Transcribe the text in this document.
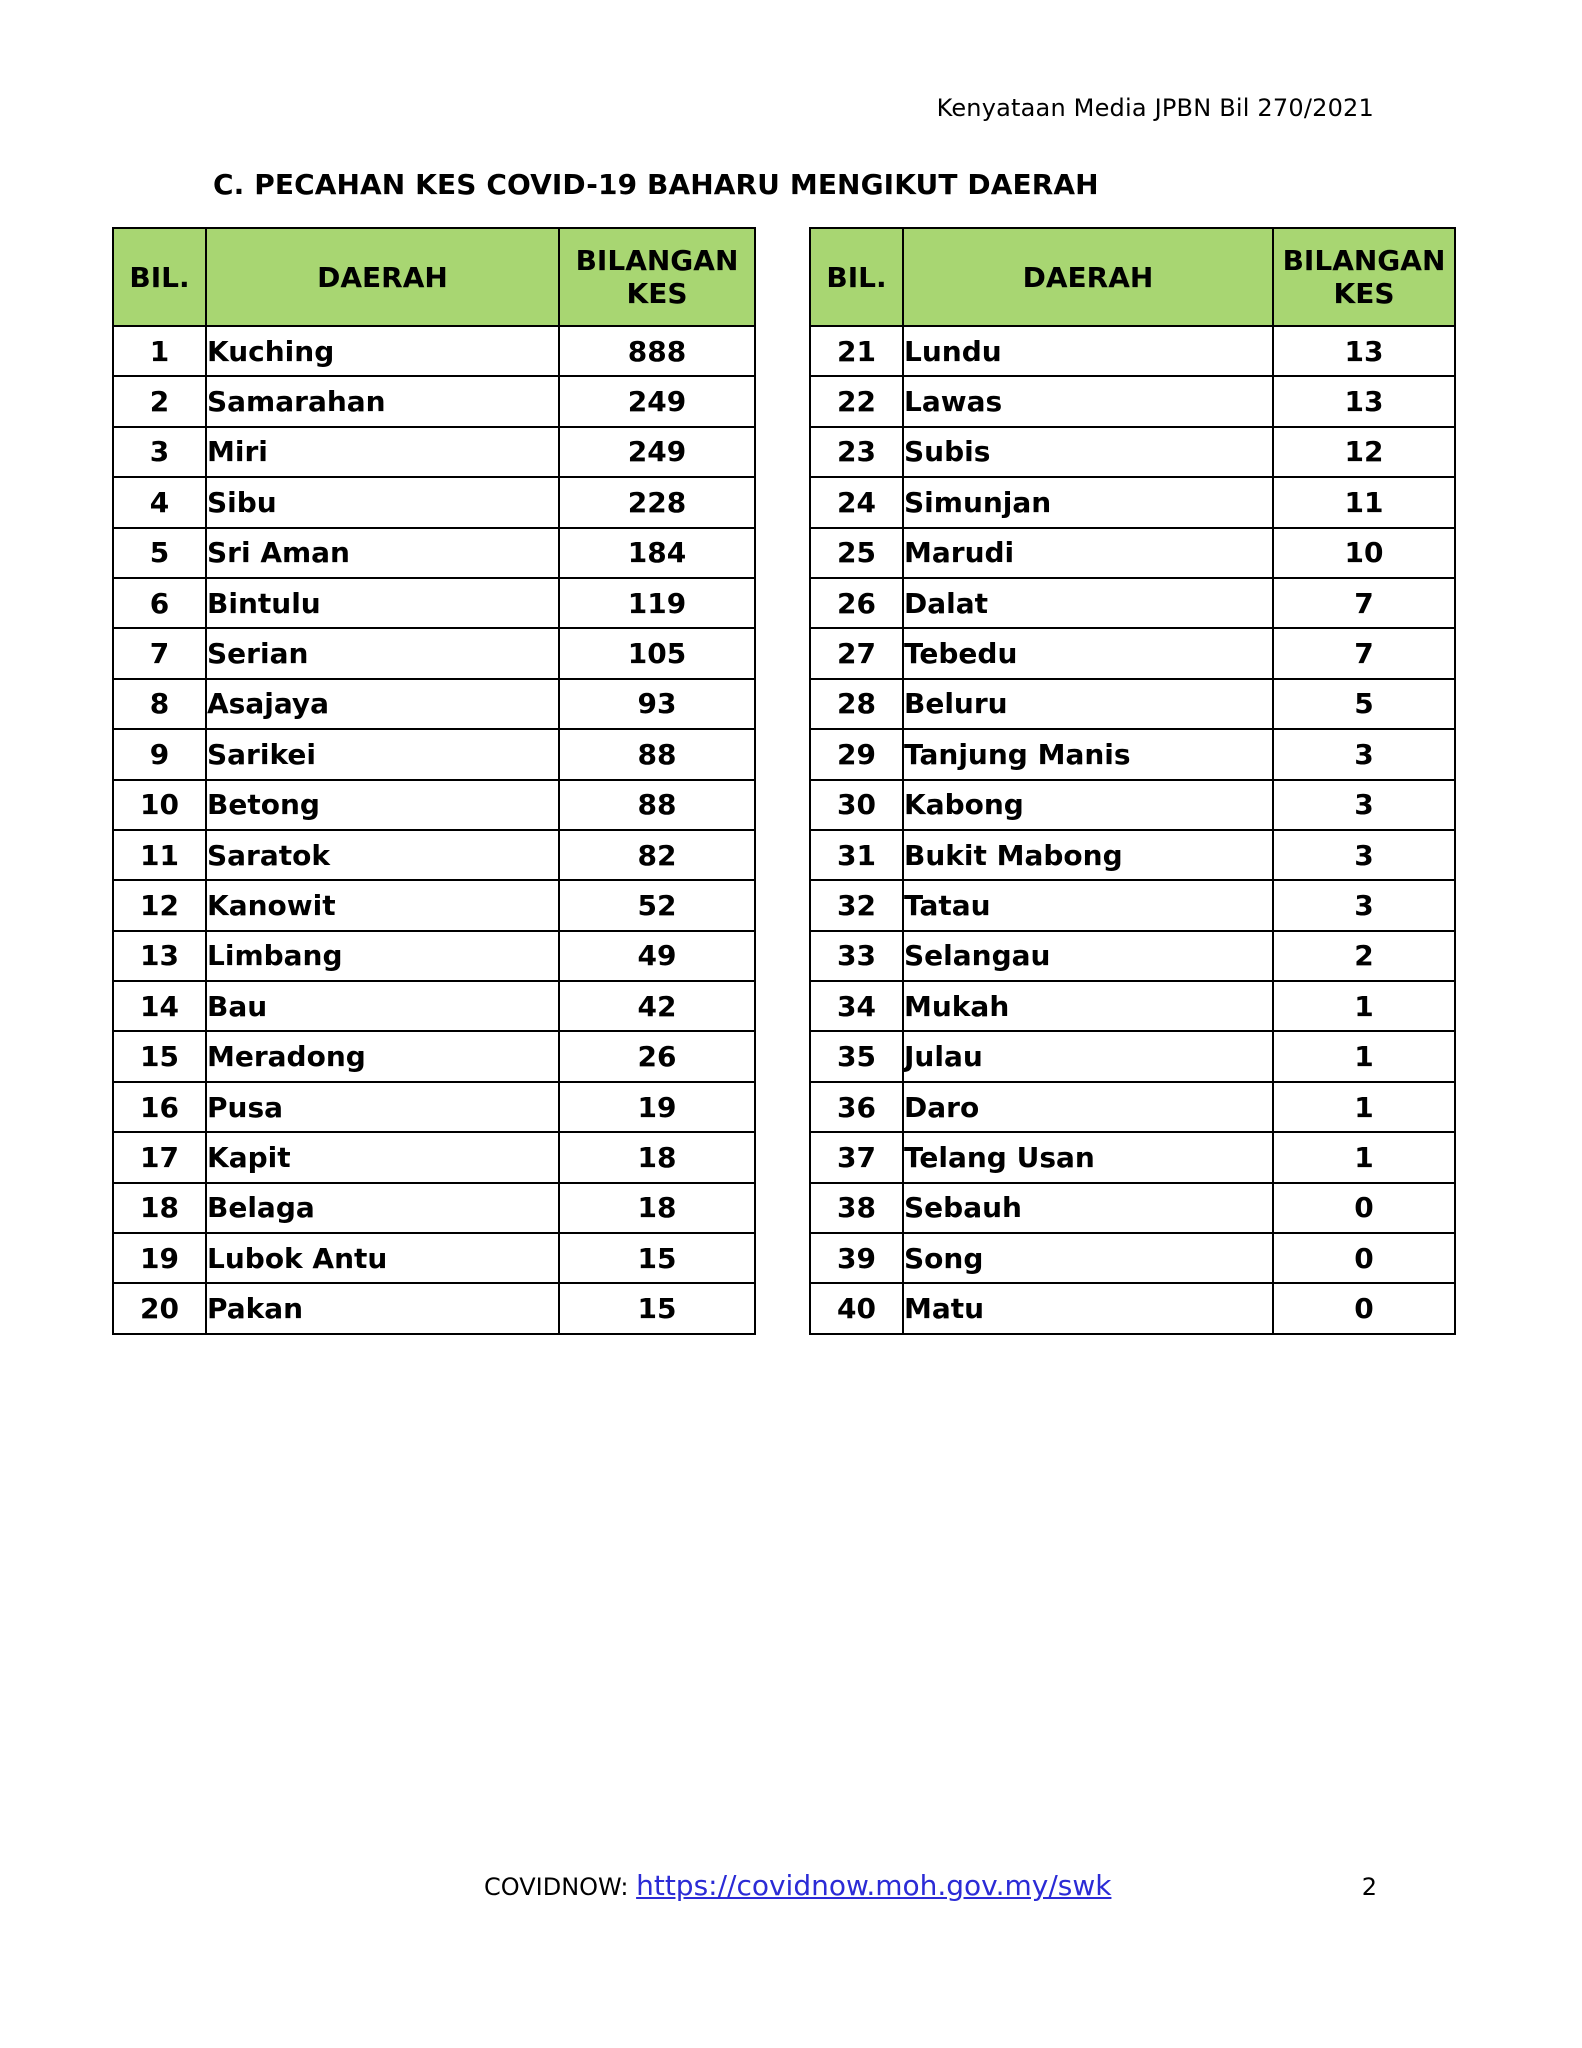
Kenyataan Media JPBN Bil 270/2021
C. PECAHAN KES COVID-19 BAHARU MENGIKUT DAERAH
BIL.	DAERAH	BILANGAN
KES
1	Kuching	888
2	Samarahan	249
3	Miri	249
4	Sibu	228
5	Sri Aman	184
6	Bintulu	119
7	Serian	105
8	Asajaya	93
9	Sarikei	88
10	Betong	88
11	Saratok	82
12	Kanowit	52
13	Limbang	49
14	Bau	42
15	Meradong	26
16	Pusa	19
17	Kapit	18
18	Belaga	18
19	Lubok Antu	15
20	Pakan	15
BIL.	DAERAH	BILANGAN
KES
21	Lundu	13
22	Lawas	13
23	Subis	12
24	Simunjan	11
25	Marudi	10
26	Dalat	7
27	Tebedu	7
28	Beluru	5
29	Tanjung Manis	3
30	Kabong	3
31	Bukit Mabong	3
32	Tatau	3
33	Selangau	2
34	Mukah	1
35	Julau	1
36	Daro	1
37	Telang Usan	1
38	Sebauh	0
39	Song	0
40	Matu	0
COVIDNOW: https://covidnow.moh.gov.my/swk	2
